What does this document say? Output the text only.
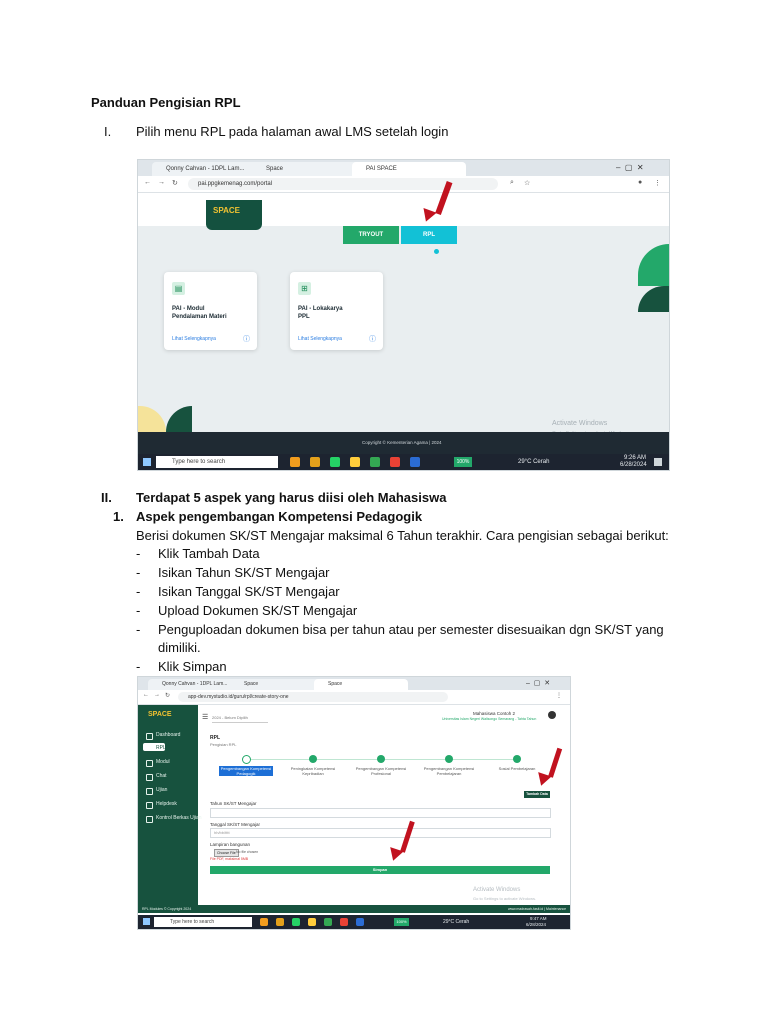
Panduan Pengisian RPL
I. Pilih menu RPL pada halaman awal LMS setelah login
Qonny Cahvan - 1DPL Lam...	Space	PAI SPACE	–  ▢  ✕
← → ↻	pai.ppgkemenag.com/portal	⌕ ☆	● ⋮
SPACE
TRYOUT	RPL
▤
PAI - Modul
Pendalaman Materi
Lihat Selengkapnya	ⓘ
⊞
PAI - Lokakarya
PPL
Lihat Selengkapnya	ⓘ
Activate Windows
Copyright © Kementerian Agama | 2024
Type here to search	100%	29°C Cerah
9:26 AM
6/28/2024
II. Terdapat 5 aspek yang harus diisi oleh Mahasiswa
1. Aspek pengembangan Kompetensi Pedagogik
Berisi dokumen SK/ST Mengajar maksimal 6 Tahun terakhir. Cara pengisian sebagai berikut:
- Klik Tambah Data
- Isikan Tahun SK/ST Mengajar
- Isikan Tanggal SK/ST Mengajar
- Upload Dokumen SK/ST Mengajar
- Penguploadan dokumen bisa per tahun atau per semester disesuaikan dgn SK/ST yang
dimiliki.
- Klik Simpan
Qonny Cahvan - 1DPL Lam...	Space	Space	–  ▢  ✕
← → ↻	app-dev.mystudio.id/guru/rpl/create-story-one	⋮
SPACE
Dashboard
RPL
Modul
Chat
Ujian
Helpdesk
Kontrol Berkas Ujian
☰ 2024 - Belum Dipilih
Mahasiswa Contoh 2
Universitas Islam Negeri Walisongo Semarang - Tahta Tahun
RPL
Pengisian RPL
Pengembangan Kompetensi Pedagogik
Peningkatan Kompetensi Kepribadian
Pengembangan Kompetensi Profesional
Pengembangan Kompetensi Pembelajaran
Sosial Pembelajaran
Tambah Data
Tahun SK/ST Mengajar
Tanggal SK/ST Mengajar
hh/bb/tttt
Lampiran bangunan
Choose File No file chosen
File PDF, maksimal 5MB
Simpan
Activate Windows
Go to Settings to activate Windows.
RPL Modules © Copyright 2024	www.madrasah-fasit.id | Maintenance
Type here to search	100%	29°C Cerah
9:47 AM
6/28/2024
